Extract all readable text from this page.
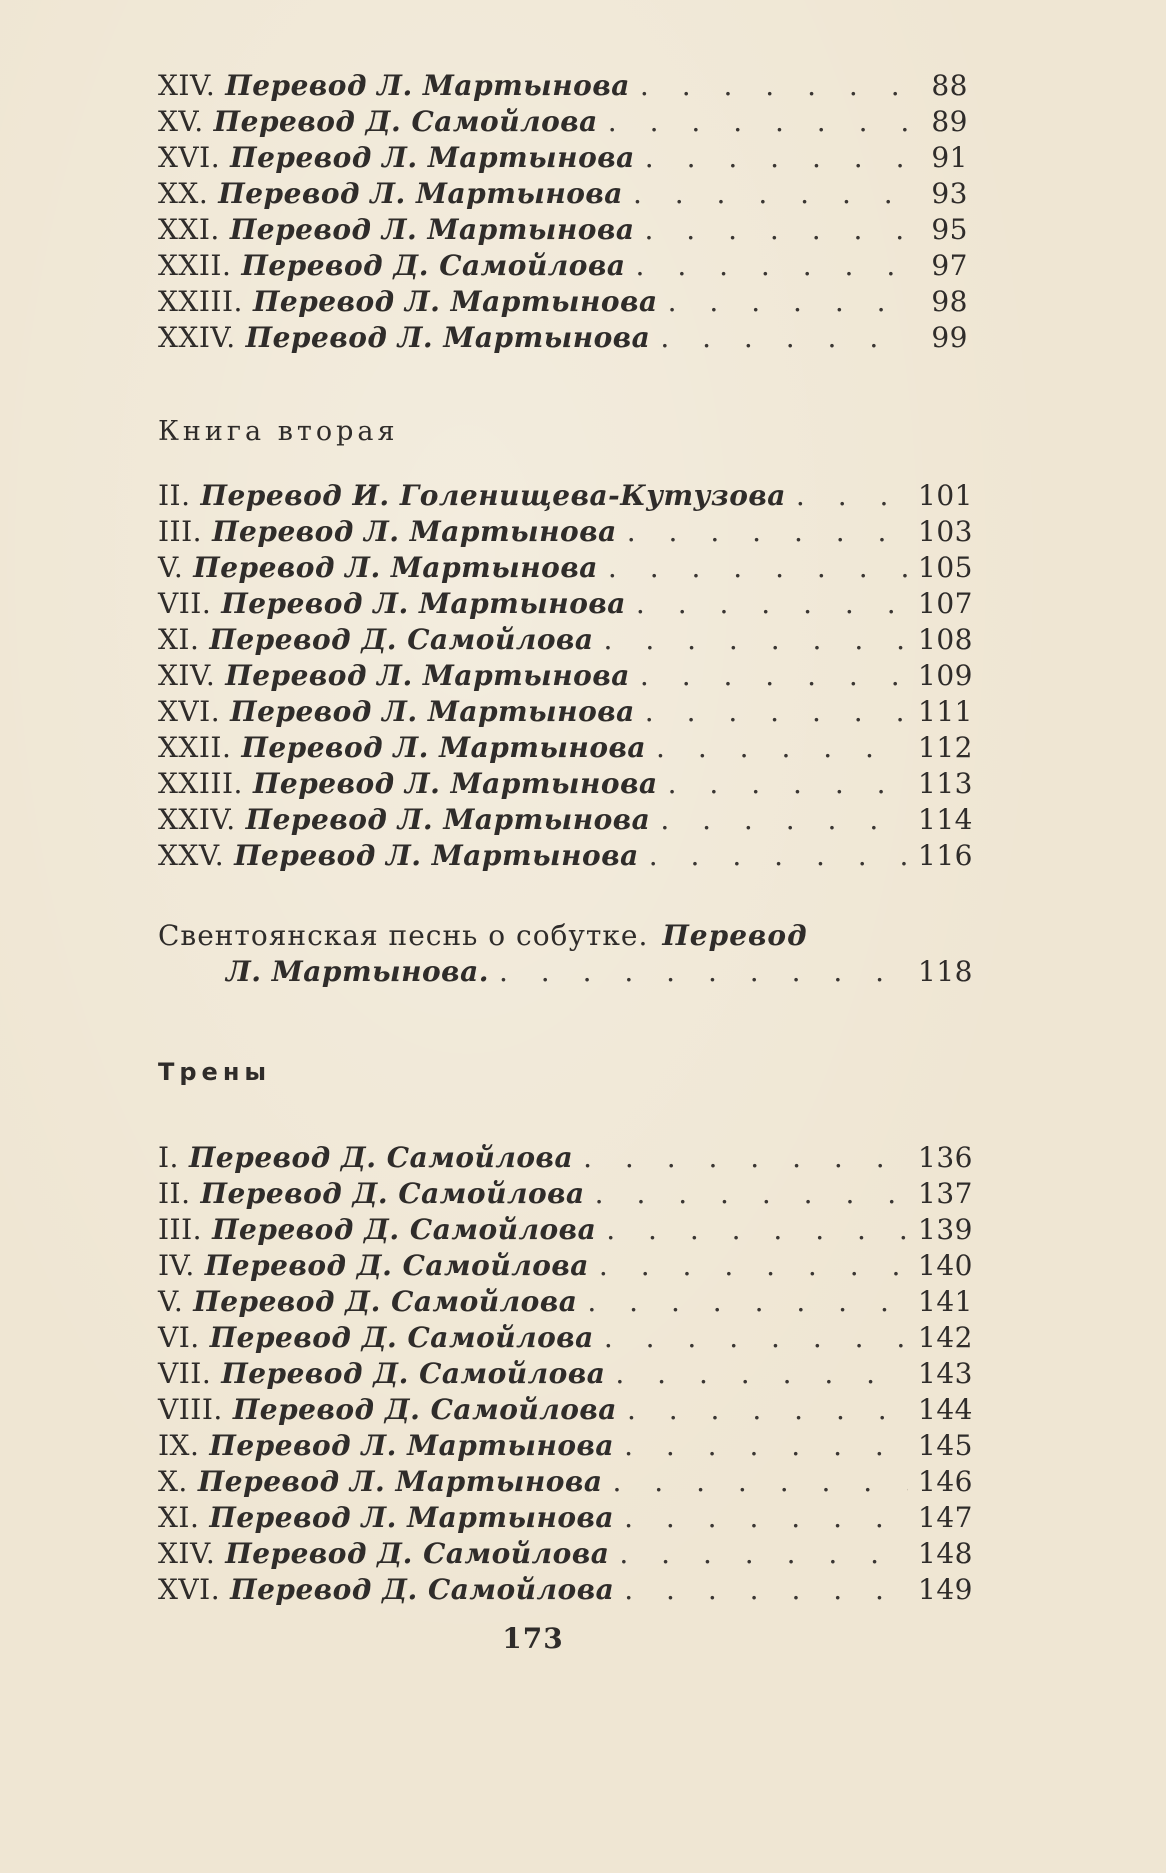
XIV. Перевод Л. Мартынова . . .	88
XV. Перевод Д. Самойлова . . .	89
XVI. Перевод Л. Мартынова . . .	91
XX. Перевод Л. Мартынова . . .	93
XXI. Перевод Л. Мартынова . . .	95
XXII. Перевод Д. Самойлова . . .	97
XXIII. Перевод Л. Мартынова . . .	98
XXIV. Перевод Л. Мартынова . . .	99
Книга вторая
II. Перевод И. Голенищева-Кутузова . . .	101
III. Перевод Л. Мартынова . . .	103
V. Перевод Л. Мартынова . . .	105
VII. Перевод Л. Мартынова . . .	107
XI. Перевод Д. Самойлова . . .	108
XIV. Перевод Л. Мартынова . . .	109
XVI. Перевод Л. Мартынова . . .	111
XXII. Перевод Л. Мартынова . . .	112
XXIII. Перевод Л. Мартынова . . .	113
XXIV. Перевод Л. Мартынова . . .	114
XXV. Перевод Л. Мартынова . . .	116
Свентоянская песнь о собутке. Перевод
Л. Мартынова. . . .	118
Трены
I. Перевод Д. Самойлова . . .	136
II. Перевод Д. Самойлова . . .	137
III. Перевод Д. Самойлова . . .	139
IV. Перевод Д. Самойлова . . .	140
V. Перевод Д. Самойлова . . .	141
VI. Перевод Д. Самойлова . . .	142
VII. Перевод Д. Самойлова . . .	143
VIII. Перевод Д. Самойлова . . .	144
IX. Перевод Л. Мартынова . . .	145
X. Перевод Л. Мартынова . . .	146
XI. Перевод Л. Мартынова . . .	147
XIV. Перевод Д. Самойлова . . .	148
XVI. Перевод Д. Самойлова . . .	149
173
